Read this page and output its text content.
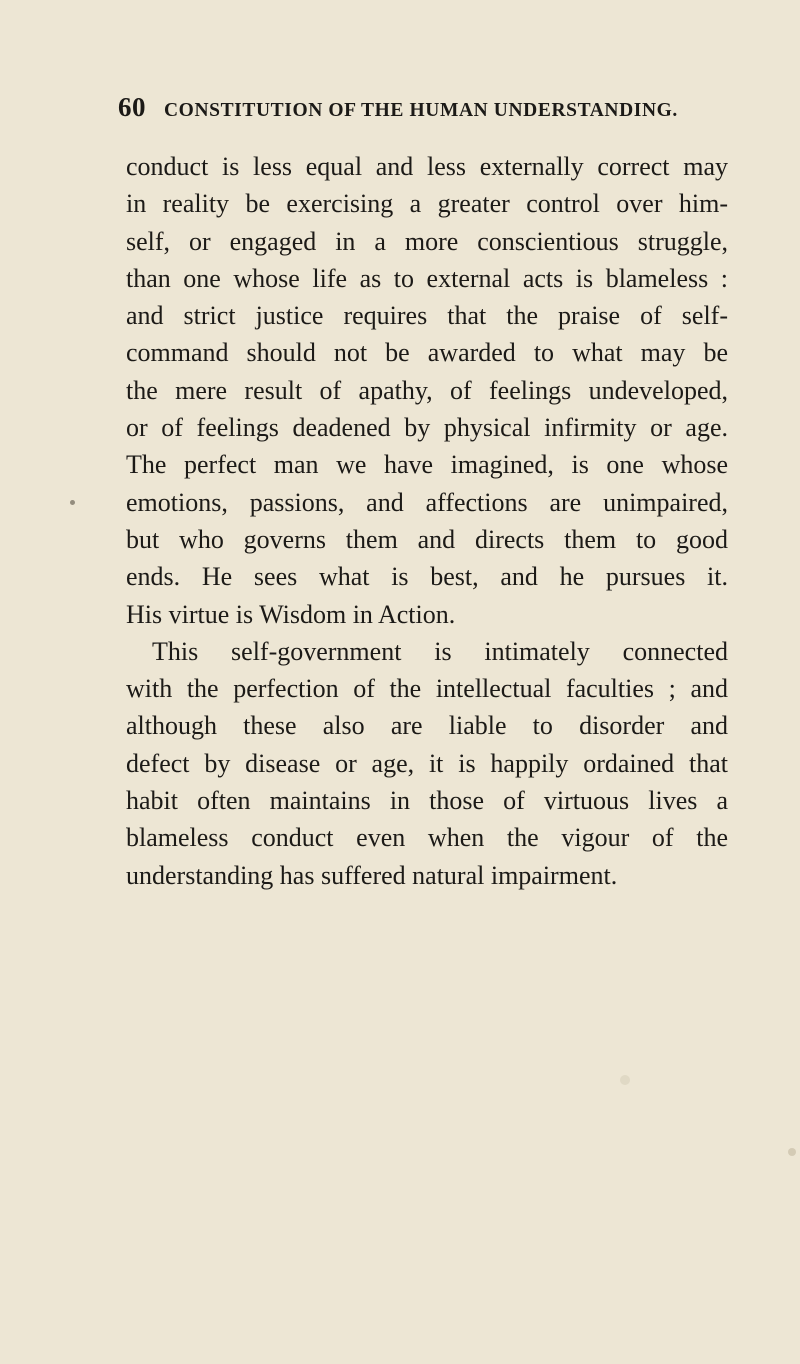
60 CONSTITUTION OF THE HUMAN UNDERSTANDING.
conduct is less equal and less externally correct may
in reality be exercising a greater control over him-
self, or engaged in a more conscientious struggle,
than one whose life as to external acts is blameless :
and strict justice requires that the praise of self-
command should not be awarded to what may be
the mere result of apathy, of feelings undeveloped,
or of feelings deadened by physical infirmity or age.
The perfect man we have imagined, is one whose
emotions, passions, and affections are unimpaired,
but who governs them and directs them to good
ends. He sees what is best, and he pursues it.
His virtue is Wisdom in Action.
This self-government is intimately connected
with the perfection of the intellectual faculties ; and
although these also are liable to disorder and
defect by disease or age, it is happily ordained that
habit often maintains in those of virtuous lives a
blameless conduct even when the vigour of the
understanding has suffered natural impairment.
